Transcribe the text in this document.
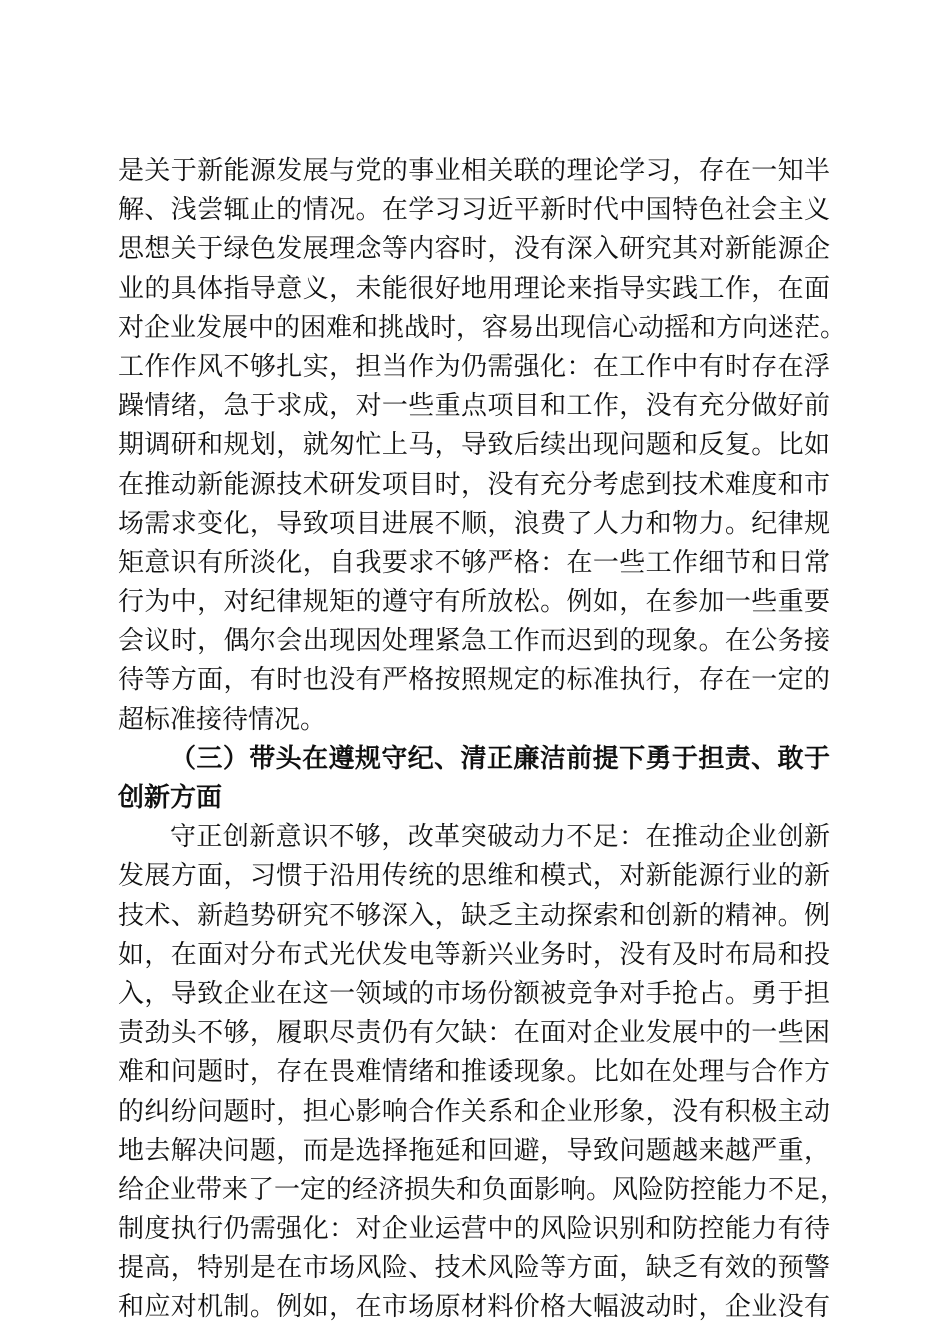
是关于新能源发展与党的事业相关联的理论学习，存在一知半
解、浅尝辄止的情况。在学习习近平新时代中国特色社会主义
思想关于绿色发展理念等内容时，没有深入研究其对新能源企
业的具体指导意义，未能很好地用理论来指导实践工作，在面
对企业发展中的困难和挑战时，容易出现信心动摇和方向迷茫。
工作作风不够扎实，担当作为仍需强化：在工作中有时存在浮
躁情绪，急于求成，对一些重点项目和工作，没有充分做好前
期调研和规划，就匆忙上马，导致后续出现问题和反复。比如
在推动新能源技术研发项目时，没有充分考虑到技术难度和市
场需求变化，导致项目进展不顺，浪费了人力和物力。纪律规
矩意识有所淡化，自我要求不够严格：在一些工作细节和日常
行为中，对纪律规矩的遵守有所放松。例如，在参加一些重要
会议时，偶尔会出现因处理紧急工作而迟到的现象。在公务接
待等方面，有时也没有严格按照规定的标准执行，存在一定的
超标准接待情况。
（三）带头在遵规守纪、清正廉洁前提下勇于担责、敢于
创新方面
守正创新意识不够，改革突破动力不足：在推动企业创新
发展方面，习惯于沿用传统的思维和模式，对新能源行业的新
技术、新趋势研究不够深入，缺乏主动探索和创新的精神。例
如，在面对分布式光伏发电等新兴业务时，没有及时布局和投
入，导致企业在这一领域的市场份额被竞争对手抢占。勇于担
责劲头不够，履职尽责仍有欠缺：在面对企业发展中的一些困
难和问题时，存在畏难情绪和推诿现象。比如在处理与合作方
的纠纷问题时，担心影响合作关系和企业形象，没有积极主动
地去解决问题，而是选择拖延和回避，导致问题越来越严重，
给企业带来了一定的经济损失和负面影响。风险防控能力不足，
制度执行仍需强化：对企业运营中的风险识别和防控能力有待
提高，特别是在市场风险、技术风险等方面，缺乏有效的预警
和应对机制。例如，在市场原材料价格大幅波动时，企业没有
